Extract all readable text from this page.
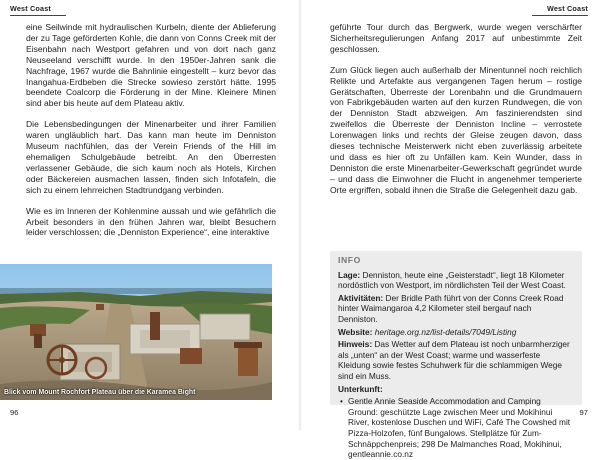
West Coast

eine Seilwinde mit hydraulischen Kurbeln, diente der Ablieferung der zu Tage geförderten Kohle, die dann von Conns Creek mit der Eisenbahn nach Westport gefahren und von dort nach ganz Neuseeland verschifft wurde. In den 1950er-Jahren sank die Nachfrage, 1967 wurde die Bahnlinie eingestellt – kurz bevor das Inangahua-Erdbeben die Strecke sowieso zerstört hätte. 1995 beendete Coalcorp die Förderung in der Mine. Kleinere Minen sind aber bis heute auf dem Plateau aktiv.

Die Lebensbedingungen der Minenarbeiter und ihrer Familien waren ungläublich hart. Das kann man heute im Denniston Museum nachfühlen, das der Verein Friends of the Hill im ehemaligen Schulgebäude betreibt. An den Überresten verlassener Gebäude, die sich kaum noch als Hotels, Kirchen oder Bäckereien ausmachen lassen, finden sich Infotafeln, die sich zu einem lehrreichen Stadtrundgang verbinden.

Wie es im Inneren der Kohlenmine aussah und wie gefährlich die Arbeit besonders in den frühen Jahren war, bleibt Besuchern leider verschlossen; die „Denniston Experience“, eine interaktive

Blick vom Mount Rochfort Plateau über die Karamea Bight
96
West Coast

geführte Tour durch das Bergwerk, wurde wegen verschärfter Sicherheitsregulierungen Anfang 2017 auf unbestimmte Zeit geschlossen.

Zum Glück liegen auch außerhalb der Minentunnel noch reichlich Relikte und Artefakte aus vergangenen Tagen herum – rostige Gerätschaften, Überreste der Lorenbahn und die Grundmauern von Fabrikgebäuden warten auf den kurzen Rundwegen, die von der Denniston Stadt abzweigen. Am faszinierendsten sind zweifellos die Überreste der Denniston Incline – verrostete Lorenwagen links und rechts der Gleise zeugen davon, dass dieses technische Meisterwerk nicht eben zuverlässig arbeitete und dass es hier oft zu Unfällen kam. Kein Wunder, dass in Denniston die erste Minenarbeiter-Gewerkschaft gegründet wurde – und dass die Einwohner die Flucht in angenehmer temperierte Orte ergriffen, sobald ihnen die Straße die Gelegenheit dazu gab.

INFO
Lage: Denniston, heute eine „Geisterstadt“, liegt 18 Kilometer nordöstlich von Westport, im nördlichsten Teil der West Coast.
Aktivitäten: Der Bridle Path führt von der Conns Creek Road hinter Waimangaroa 4,2 Kilometer steil bergauf nach Denniston.
Website: heritage.org.nz/list-details/7049/Listing
Hinweis: Das Wetter auf dem Plateau ist noch unbarmherziger als „unten“ an der West Coast; warme und wasserfeste Kleidung sowie festes Schuhwerk für die schlammigen Wege sind ein Muss.
Unterkunft:
• Gentle Annie Seaside Accommodation and Camping Ground: geschützte Lage zwischen Meer und Mokihinui River, kostenlose Duschen und WiFi, Café The Cowshed mit Pizza-Holzofen, fünf Bungalows. Stellplätze für Zum-Schnäppchenpreis; 298 De Malmanches Road, Mokihinui, gentleannie.co.nz
97
